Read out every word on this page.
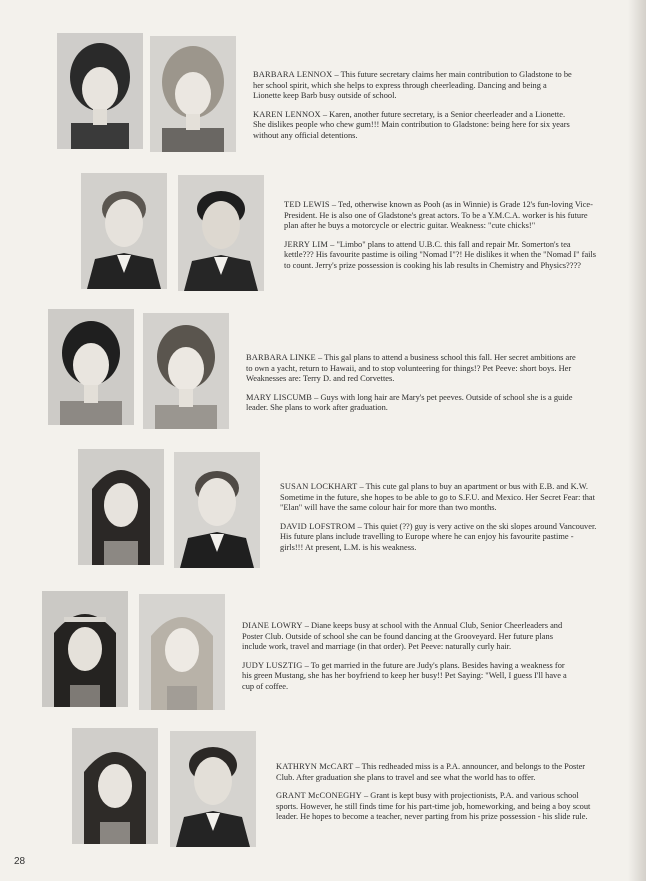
BARBARA LENNOX – This future secretary claims her main contribution to Gladstone to be her school spirit, which she helps to express through cheerleading. Dancing and being a Lionette keep Barb busy outside of school.

KAREN LENNOX – Karen, another future secretary, is a Senior cheerleader and a Lionette. She dislikes people who chew gum!!! Main contribution to Gladstone: being here for six years without any official detentions.

TED LEWIS – Ted, otherwise known as Pooh (as in Winnie) is Grade 12's fun-loving Vice-President. He is also one of Gladstone's great actors. To be a Y.M.C.A. worker is his future plan after he buys a motorcycle or electric guitar. Weakness: "cute chicks!"

JERRY LIM – "Limbo" plans to attend U.B.C. this fall and repair Mr. Somerton's tea kettle??? His favourite pastime is oiling "Nomad I"?! He dislikes it when the "Nomad I" fails to count. Jerry's prize possession is cooking his lab results in Chemistry and Physics????

BARBARA LINKE – This gal plans to attend a business school this fall. Her secret ambitions are to own a yacht, return to Hawaii, and to stop volunteering for things!? Pet Peeve: short boys. Her Weaknesses are: Terry D. and red Corvettes.

MARY LISCUMB – Guys with long hair are Mary's pet peeves. Outside of school she is a guide leader. She plans to work after graduation.

SUSAN LOCKHART – This cute gal plans to buy an apartment or bus with E.B. and K.W. Sometime in the future, she hopes to be able to go to S.F.U. and Mexico. Her Secret Fear: that "Elan" will have the same colour hair for more than two months.

DAVID LOFSTROM – This quiet (??) guy is very active on the ski slopes around Vancouver. His future plans include travelling to Europe where he can enjoy his favourite pastime - girls!!! At present, L.M. is his weakness.

DIANE LOWRY – Diane keeps busy at school with the Annual Club, Senior Cheerleaders and Poster Club. Outside of school she can be found dancing at the Grooveyard. Her future plans include work, travel and marriage (in that order). Pet Peeve: naturally curly hair.

JUDY LUSZTIG – To get married in the future are Judy's plans. Besides having a weakness for his green Mustang, she has her boyfriend to keep her busy!! Pet Saying: "Well, I guess I'll have a cup of coffee.

KATHRYN McCART – This redheaded miss is a P.A. announcer, and belongs to the Poster Club. After graduation she plans to travel and see what the world has to offer.

GRANT McCONEGHY – Grant is kept busy with projectionists, P.A. and various school sports. However, he still finds time for his part-time job, homeworking, and being a boy scout leader. He hopes to become a teacher, never parting from his prize possession - his slide rule.

28
